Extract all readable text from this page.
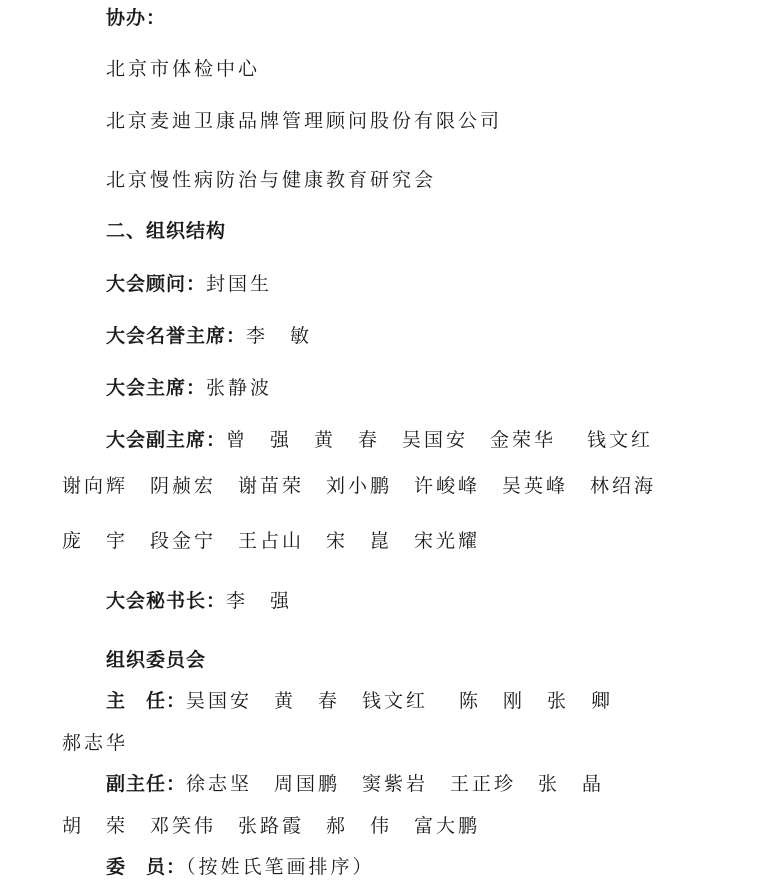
协办：
北京市体检中心
北京麦迪卫康品牌管理顾问股份有限公司
北京慢性病防治与健康教育研究会
二、组织结构
大会顾问：封国生
大会名誉主席：李　敏
大会主席：张静波
大会副主席：曾　强　黄　春　吴国安　金荣华　 钱文红
谢向辉　阴赪宏　谢苗荣　刘小鹏　许峻峰　吴英峰　林绍海
庞　宇　段金宁　王占山　宋　崑　宋光耀
大会秘书长：李　强
组织委员会
主　任：吴国安　黄　春　钱文红　 陈　刚　张　卿
郝志华
副主任：徐志坚　周国鹏　窦紫岩　王正珍　张　晶
胡　荣　邓笑伟　张路霞　郝　伟　富大鹏
委　员：（按姓氏笔画排序）
